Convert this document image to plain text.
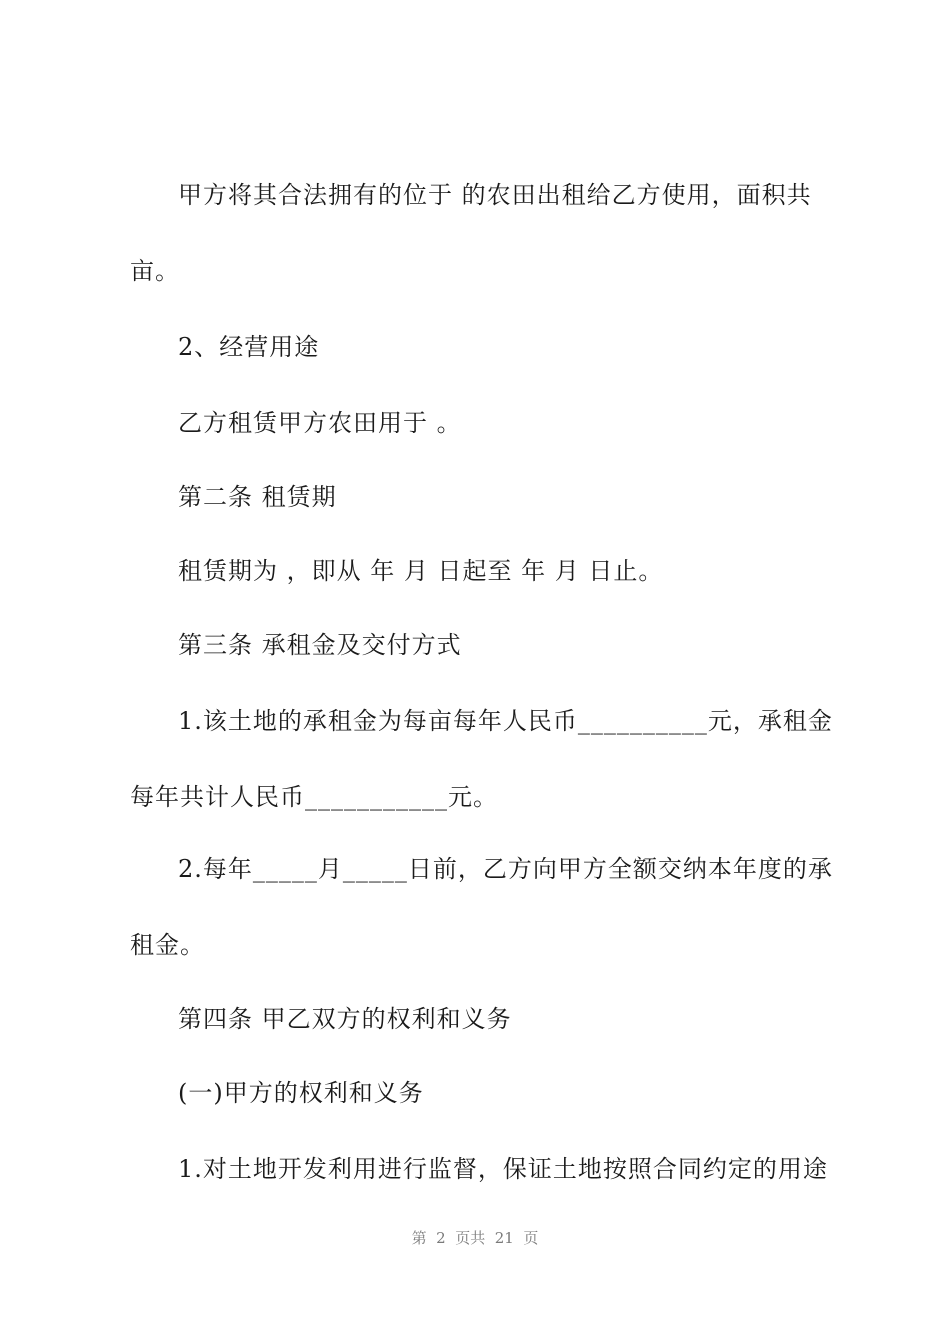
甲方将其合法拥有的位于 的农田出租给乙方使用，面积共

亩。

2、经营用途

乙方租赁甲方农田用于 。

第二条 租赁期

租赁期为 ，即从 年 月 日起至 年 月 日止。

第三条 承租金及交付方式

1.该土地的承租金为每亩每年人民币__________元，承租金

每年共计人民币___________元。

2.每年_____月_____日前，乙方向甲方全额交纳本年度的承

租金。

第四条 甲乙双方的权利和义务

(一)甲方的权利和义务

1.对土地开发利用进行监督，保证土地按照合同约定的用途

第  2  页共  21  页
